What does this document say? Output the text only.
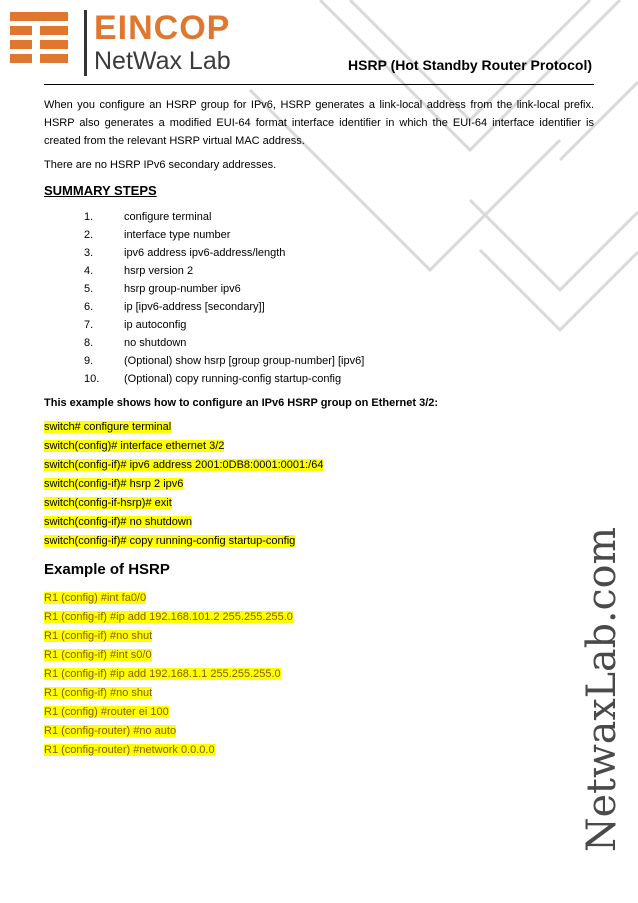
EINCOP
NetWax Lab	HSRP (Hot Standby Router Protocol)

When you configure an HSRP group for IPv6, HSRP generates a link-local address from the link-local prefix. HSRP also generates a modified EUI-64 format interface identifier in which the EUI-64 interface identifier is created from the relevant HSRP virtual MAC address.

There are no HSRP IPv6 secondary addresses.

SUMMARY STEPS
1.	configure terminal
2.	interface type number
3.	ipv6 address ipv6-address/length
4.	hsrp version 2
5.	hsrp group-number ipv6
6.	ip [ipv6-address [secondary]]
7.	ip autoconfig
8.	no shutdown
9.	(Optional) show hsrp [group group-number] [ipv6]
10.	(Optional) copy running-config startup-config
This example shows how to configure an IPv6 HSRP group on Ethernet 3/2:
switch# configure terminal
switch(config)# interface ethernet 3/2
switch(config-if)# ipv6 address 2001:0DB8:0001:0001:/64
switch(config-if)# hsrp 2 ipv6
switch(config-if-hsrp)# exit
switch(config-if)# no shutdown
switch(config-if)# copy running-config startup-config
Example of HSRP
R1 (config) #int fa0/0
R1 (config-if) #ip add 192.168.101.2 255.255.255.0
R1 (config-if) #no shut
R1 (config-if) #int s0/0
R1 (config-if) #ip add 192.168.1.1 255.255.255.0
R1 (config-if) #no shut
R1 (config) #router ei 100
R1 (config-router) #no auto
R1 (config-router) #network 0.0.0.0	NetwaxLab.com
